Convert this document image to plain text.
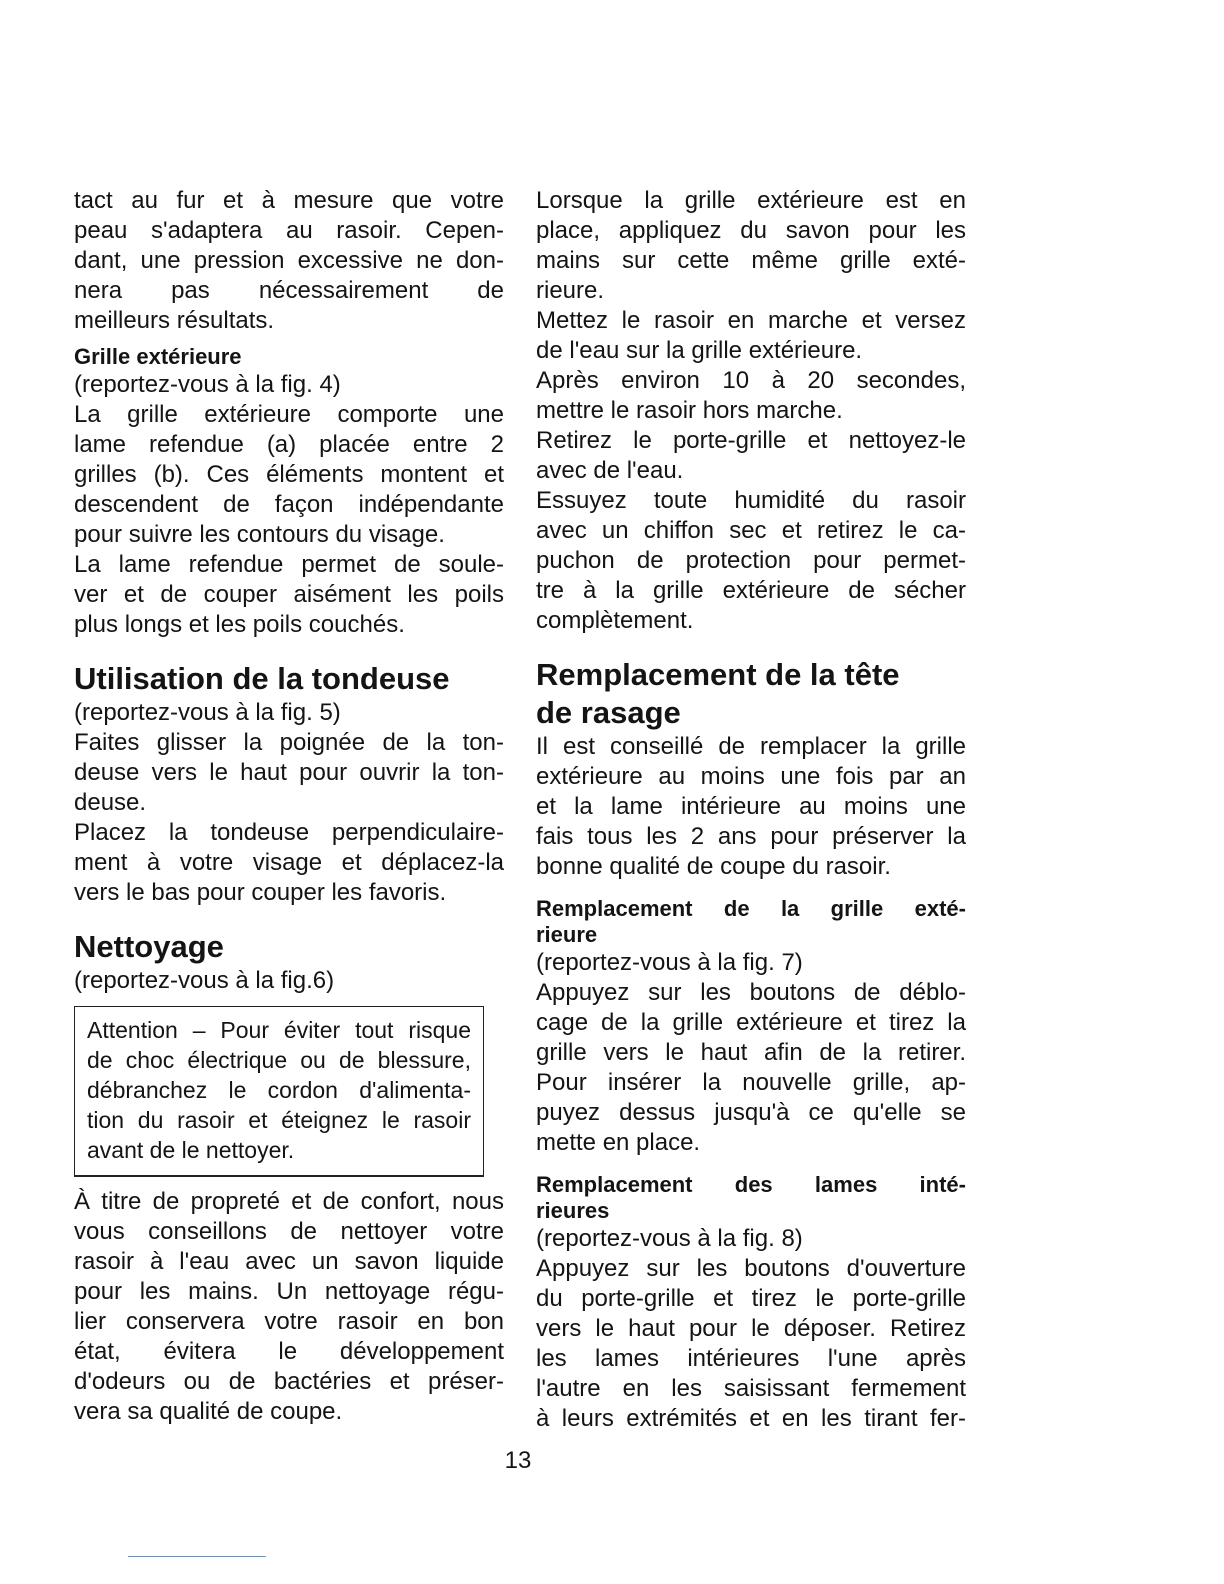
tact au fur et à mesure que votre
peau s'adaptera au rasoir. Cepen-
dant, une pression excessive ne don-
nera pas nécessairement de
meilleurs résultats.
Grille extérieure
(reportez-vous à la fig. 4)
La grille extérieure comporte une
lame refendue (a) placée entre 2
grilles (b). Ces éléments montent et
descendent de façon indépendante
pour suivre les contours du visage.
La lame refendue permet de soule-
ver et de couper aisément les poils
plus longs et les poils couchés.
Utilisation de la tondeuse
(reportez-vous à la fig. 5)
Faites glisser la poignée de la ton-
deuse vers le haut pour ouvrir la ton-
deuse.
Placez la tondeuse perpendiculaire-
ment à votre visage et déplacez-la
vers le bas pour couper les favoris.
Nettoyage
(reportez-vous à la fig.6)
Attention – Pour éviter tout risque
de choc électrique ou de blessure,
débranchez le cordon d'alimenta-
tion du rasoir et éteignez le rasoir
avant de le nettoyer.
À titre de propreté et de confort, nous
vous conseillons de nettoyer votre
rasoir à l'eau avec un savon liquide
pour les mains. Un nettoyage régu-
lier conservera votre rasoir en bon
état, évitera le développement
d'odeurs ou de bactéries et préser-
vera sa qualité de coupe.
Lorsque la grille extérieure est en
place, appliquez du savon pour les
mains sur cette même grille exté-
rieure.
Mettez le rasoir en marche et versez
de l'eau sur la grille extérieure.
Après environ 10 à 20 secondes,
mettre le rasoir hors marche.
Retirez le porte-grille et nettoyez-le
avec de l'eau.
Essuyez toute humidité du rasoir
avec un chiffon sec et retirez le ca-
puchon de protection pour permet-
tre à la grille extérieure de sécher
complètement.
Remplacement de la tête
de rasage
Il est conseillé de remplacer la grille
extérieure au moins une fois par an
et la lame intérieure au moins une
fais tous les 2 ans pour préserver la
bonne qualité de coupe du rasoir.
Remplacement de la grille exté-
rieure
(reportez-vous à la fig. 7)
Appuyez sur les boutons de déblo-
cage de la grille extérieure et tirez la
grille vers le haut afin de la retirer.
Pour insérer la nouvelle grille, ap-
puyez dessus jusqu'à ce qu'elle se
mette en place.
Remplacement des lames inté-
rieures
(reportez-vous à la fig. 8)
Appuyez sur les boutons d'ouverture
du porte-grille et tirez le porte-grille
vers le haut pour le déposer. Retirez
les lames intérieures l'une après
l'autre en les saisissant fermement
à leurs extrémités et en les tirant fer-
13
